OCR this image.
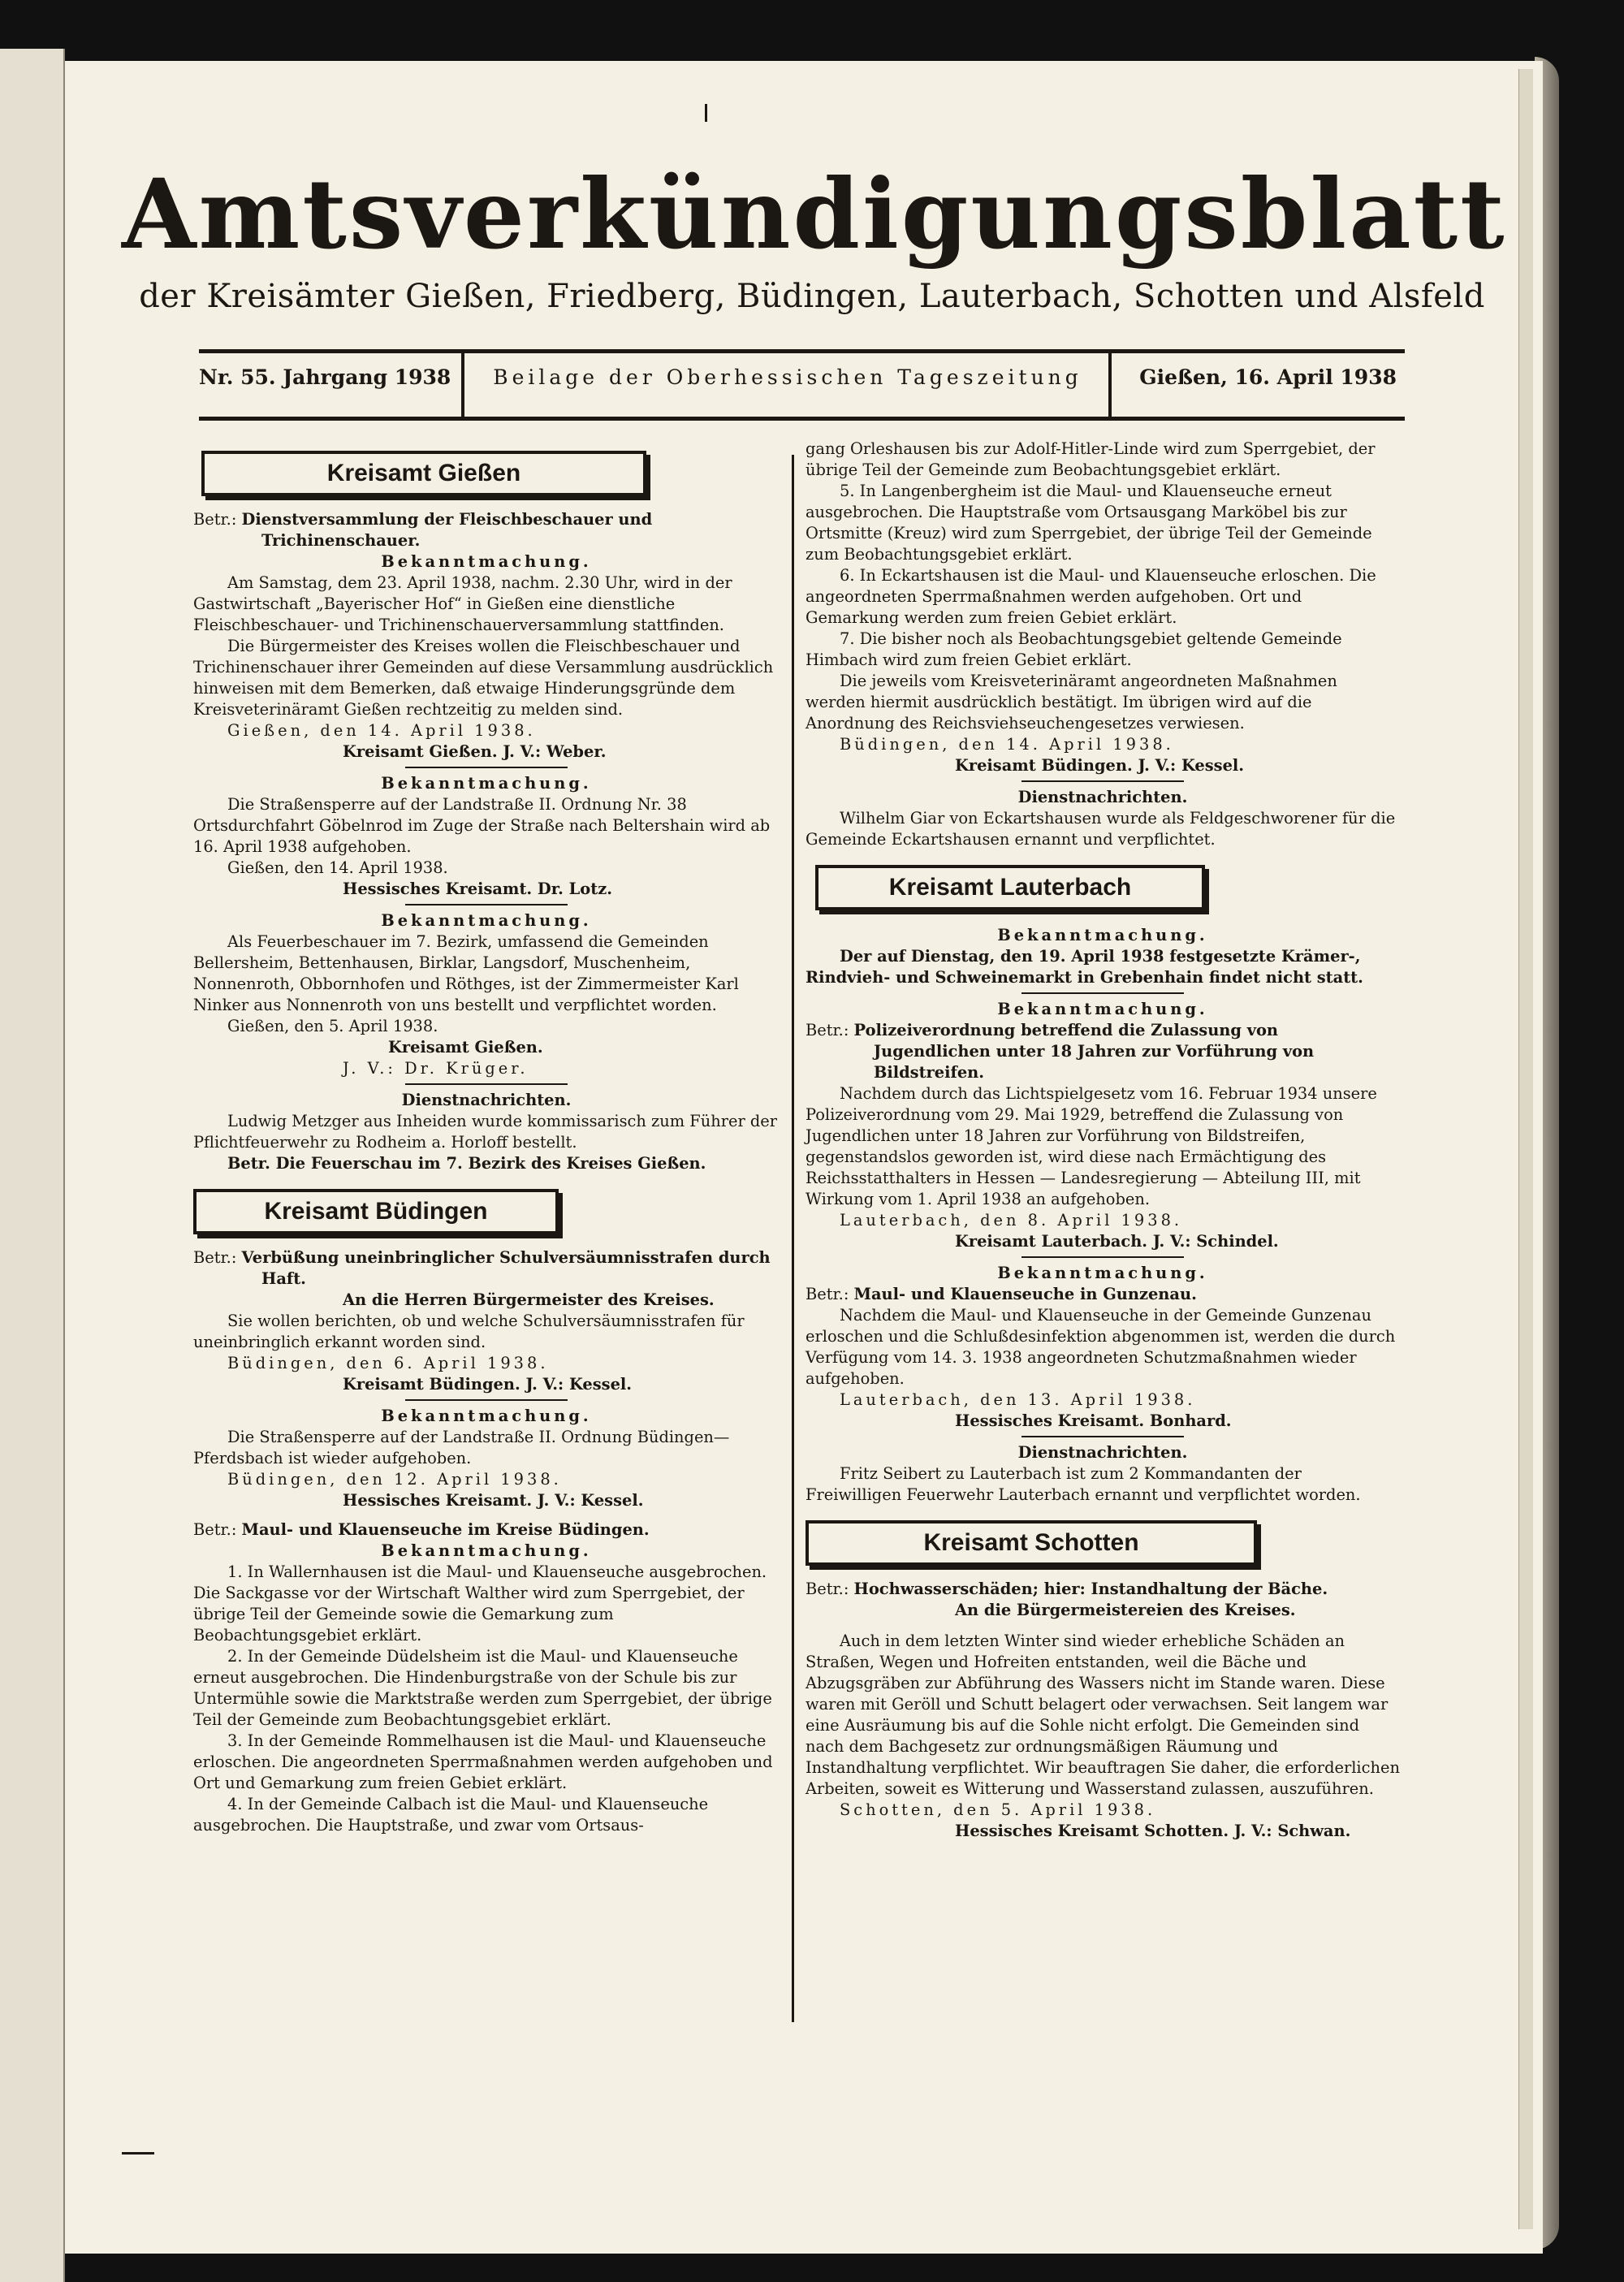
Amtsverkündigungsblatt
der Kreisämter Gießen, Friedberg, Büdingen, Lauterbach, Schotten und Alsfeld
Nr. 55. Jahrgang 1938	Beilage der Oberhessischen Tageszeitung	Gießen, 16. April 1938
Kreisamt Gießen

Betr.: Dienstversammlung der Fleischbeschauer und Trichinenschauer.

Bekanntmachung.

Am Samstag, dem 23. April 1938, nachm. 2.30 Uhr, wird in der Gastwirtschaft „Bayerischer Hof“ in Gießen eine dienstliche Fleischbeschauer- und Trichinenschauerversammlung stattfinden.

Die Bürgermeister des Kreises wollen die Fleischbeschauer und Trichinenschauer ihrer Gemeinden auf diese Versammlung ausdrücklich hinweisen mit dem Bemerken, daß etwaige Hinderungsgründe dem Kreisveterinäramt Gießen rechtzeitig zu melden sind.

Gießen, den 14. April 1938.

Kreisamt Gießen. J. V.: Weber.

Bekanntmachung.

Die Straßensperre auf der Landstraße II. Ordnung Nr. 38 Ortsdurchfahrt Göbelnrod im Zuge der Straße nach Beltershain wird ab 16. April 1938 aufgehoben.

Gießen, den 14. April 1938.

Hessisches Kreisamt. Dr. Lotz.

Bekanntmachung.

Als Feuerbeschauer im 7. Bezirk, umfassend die Gemeinden Bellersheim, Bettenhausen, Birklar, Langsdorf, Muschenheim, Nonnenroth, Obbornhofen und Röthges, ist der Zimmermeister Karl Ninker aus Nonnenroth von uns bestellt und verpflichtet worden.

Gießen, den 5. April 1938.

Kreisamt Gießen.

J. V.: Dr. Krüger.

Dienstnachrichten.

Ludwig Metzger aus Inheiden wurde kommissarisch zum Führer der Pflichtfeuerwehr zu Rodheim a. Horloff bestellt.

Betr. Die Feuerschau im 7. Bezirk des Kreises Gießen.

Kreisamt Büdingen

Betr.: Verbüßung uneinbringlicher Schulversäumnisstrafen durch Haft.

An die Herren Bürgermeister des Kreises.

Sie wollen berichten, ob und welche Schulversäumnisstrafen für uneinbringlich erkannt worden sind.

Büdingen, den 6. April 1938.

Kreisamt Büdingen. J. V.: Kessel.

Bekanntmachung.

Die Straßensperre auf der Landstraße II. Ordnung Büdingen—Pferdsbach ist wieder aufgehoben.

Büdingen, den 12. April 1938.

Hessisches Kreisamt. J. V.: Kessel.

Betr.: Maul- und Klauenseuche im Kreise Büdingen.

Bekanntmachung.

1. In Wallernhausen ist die Maul- und Klauenseuche ausgebrochen. Die Sackgasse vor der Wirtschaft Walther wird zum Sperrgebiet, der übrige Teil der Gemeinde sowie die Gemarkung zum Beobachtungsgebiet erklärt.

2. In der Gemeinde Düdelsheim ist die Maul- und Klauenseuche erneut ausgebrochen. Die Hindenburgstraße von der Schule bis zur Untermühle sowie die Marktstraße werden zum Sperrgebiet, der übrige Teil der Gemeinde zum Beobachtungsgebiet erklärt.

3. In der Gemeinde Rommelhausen ist die Maul- und Klauenseuche erloschen. Die angeordneten Sperrmaßnahmen werden aufgehoben und Ort und Gemarkung zum freien Gebiet erklärt.

4. In der Gemeinde Calbach ist die Maul- und Klauenseuche ausgebrochen. Die Hauptstraße, und zwar vom Ortsaus-

gang Orleshausen bis zur Adolf-Hitler-Linde wird zum Sperrgebiet, der übrige Teil der Gemeinde zum Beobachtungsgebiet erklärt.

5. In Langenbergheim ist die Maul- und Klauenseuche erneut ausgebrochen. Die Hauptstraße vom Ortsausgang Marköbel bis zur Ortsmitte (Kreuz) wird zum Sperrgebiet, der übrige Teil der Gemeinde zum Beobachtungsgebiet erklärt.

6. In Eckartshausen ist die Maul- und Klauenseuche erloschen. Die angeordneten Sperrmaßnahmen werden aufgehoben. Ort und Gemarkung werden zum freien Gebiet erklärt.

7. Die bisher noch als Beobachtungsgebiet geltende Gemeinde Himbach wird zum freien Gebiet erklärt.

Die jeweils vom Kreisveterinäramt angeordneten Maßnahmen werden hiermit ausdrücklich bestätigt. Im übrigen wird auf die Anordnung des Reichsviehseuchengesetzes verwiesen.

Büdingen, den 14. April 1938.

Kreisamt Büdingen. J. V.: Kessel.

Dienstnachrichten.

Wilhelm Giar von Eckartshausen wurde als Feldgeschworener für die Gemeinde Eckartshausen ernannt und verpflichtet.

Kreisamt Lauterbach

Bekanntmachung.

Der auf Dienstag, den 19. April 1938 festgesetzte Krämer-, Rindvieh- und Schweinemarkt in Grebenhain findet nicht statt.

Bekanntmachung.

Betr.: Polizeiverordnung betreffend die Zulassung von Jugendlichen unter 18 Jahren zur Vorführung von Bildstreifen.

Nachdem durch das Lichtspielgesetz vom 16. Februar 1934 unsere Polizeiverordnung vom 29. Mai 1929, betreffend die Zulassung von Jugendlichen unter 18 Jahren zur Vorführung von Bildstreifen, gegenstandslos geworden ist, wird diese nach Ermächtigung des Reichsstatthalters in Hessen — Landesregierung — Abteilung III, mit Wirkung vom 1. April 1938 an aufgehoben.

Lauterbach, den 8. April 1938.

Kreisamt Lauterbach. J. V.: Schindel.

Bekanntmachung.

Betr.: Maul- und Klauenseuche in Gunzenau.

Nachdem die Maul- und Klauenseuche in der Gemeinde Gunzenau erloschen und die Schlußdesinfektion abgenommen ist, werden die durch Verfügung vom 14. 3. 1938 angeordneten Schutzmaßnahmen wieder aufgehoben.

Lauterbach, den 13. April 1938.

Hessisches Kreisamt. Bonhard.

Dienstnachrichten.

Fritz Seibert zu Lauterbach ist zum 2 Kommandanten der Freiwilligen Feuerwehr Lauterbach ernannt und verpflichtet worden.

Kreisamt Schotten

Betr.: Hochwasserschäden; hier: Instandhaltung der Bäche.

An die Bürgermeistereien des Kreises.

Auch in dem letzten Winter sind wieder erhebliche Schäden an Straßen, Wegen und Hofreiten entstanden, weil die Bäche und Abzugsgräben zur Abführung des Wassers nicht im Stande waren. Diese waren mit Geröll und Schutt belagert oder verwachsen. Seit langem war eine Ausräumung bis auf die Sohle nicht erfolgt. Die Gemeinden sind nach dem Bachgesetz zur ordnungsmäßigen Räumung und Instandhaltung verpflichtet. Wir beauftragen Sie daher, die erforderlichen Arbeiten, soweit es Witterung und Wasserstand zulassen, auszuführen.

Schotten, den 5. April 1938.

Hessisches Kreisamt Schotten. J. V.: Schwan.
